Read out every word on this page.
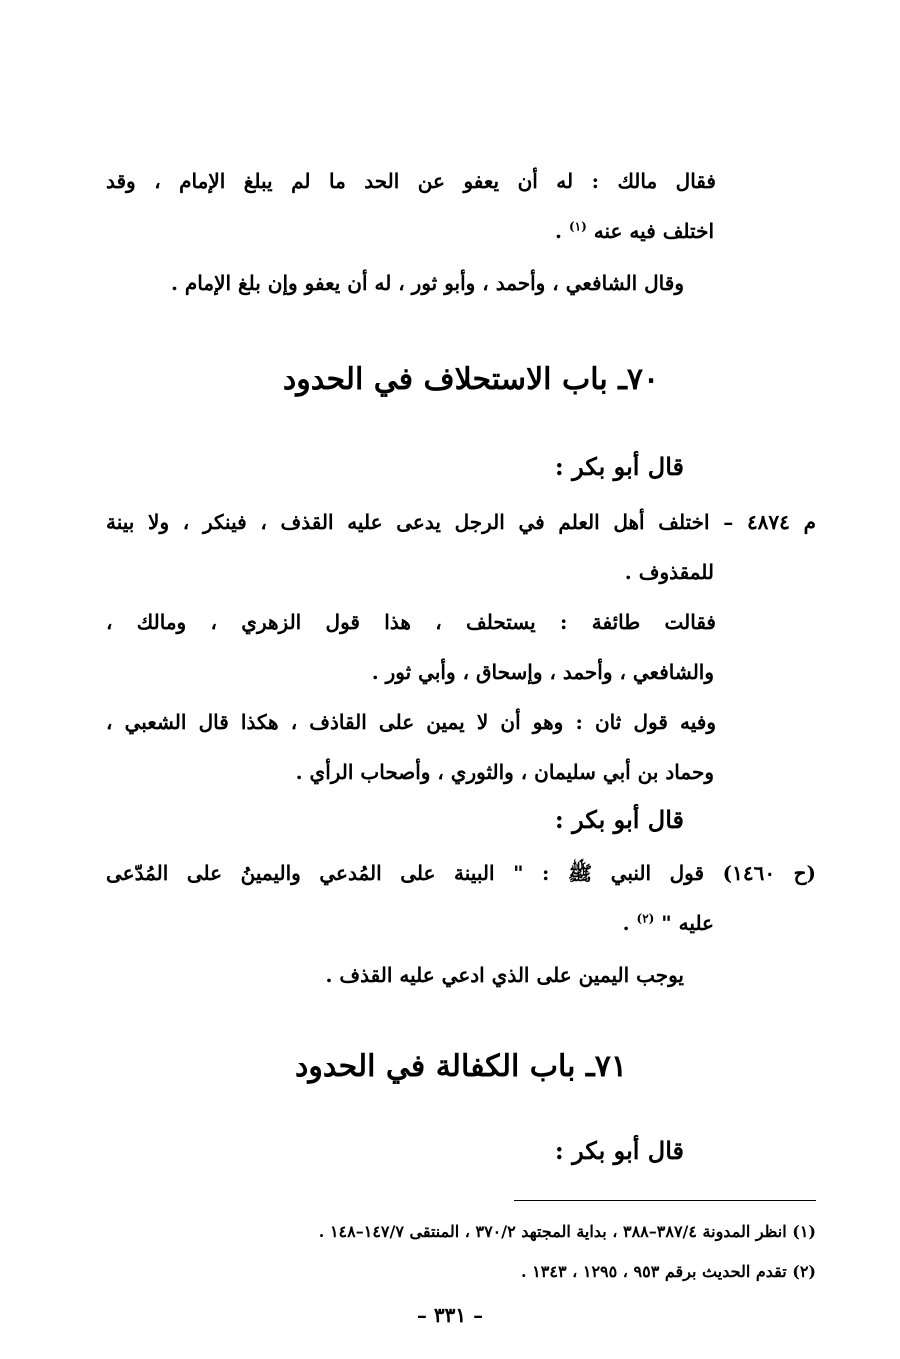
فقال مالك : له أن يعفو عن الحد ما لم يبلغ الإمام ، وقد
اختلف فيه عنه $^{(١)}$ .
وقال الشافعي ، وأحمد ، وأبو ثور ، له أن يعفو وإن بلغ الإمام .
٧٠ـ باب الاستحلاف في الحدود
قال أبو بكر :
م ٤٨٧٤ – اختلف أهل العلم في الرجل يدعى عليه القذف ، فينكر ، ولا بينة
للمقذوف .
فقالت طائفة : يستحلف ، هذا قول الزهري ، ومالك ،
والشافعي ، وأحمد ، وإسحاق ، وأبي ثور .
وفيه قول ثان : وهو أن لا يمين على القاذف ، هكذا قال الشعبي ،
وحماد بن أبي سليمان ، والثوري ، وأصحاب الرأي .
قال أبو بكر :
(ح ١٤٦٠) قول النبي ﷺ : " البينة على المُدعي واليمينُ على المُدّعى
عليه " $^{(٢)}$ .
يوجب اليمين على الذي ادعي عليه القذف .
٧١ـ باب الكفالة في الحدود
قال أبو بكر :
(١) انظر المدونة ٣٨٧/٤–٣٨٨ ، بداية المجتهد ٣٧٠/٢ ، المنتقى ١٤٧/٧–١٤٨ .
(٢) تقدم الحديث برقم ٩٥٣ ، ١٢٩٥ ، ١٣٤٣ .
– ٣٣١ –
